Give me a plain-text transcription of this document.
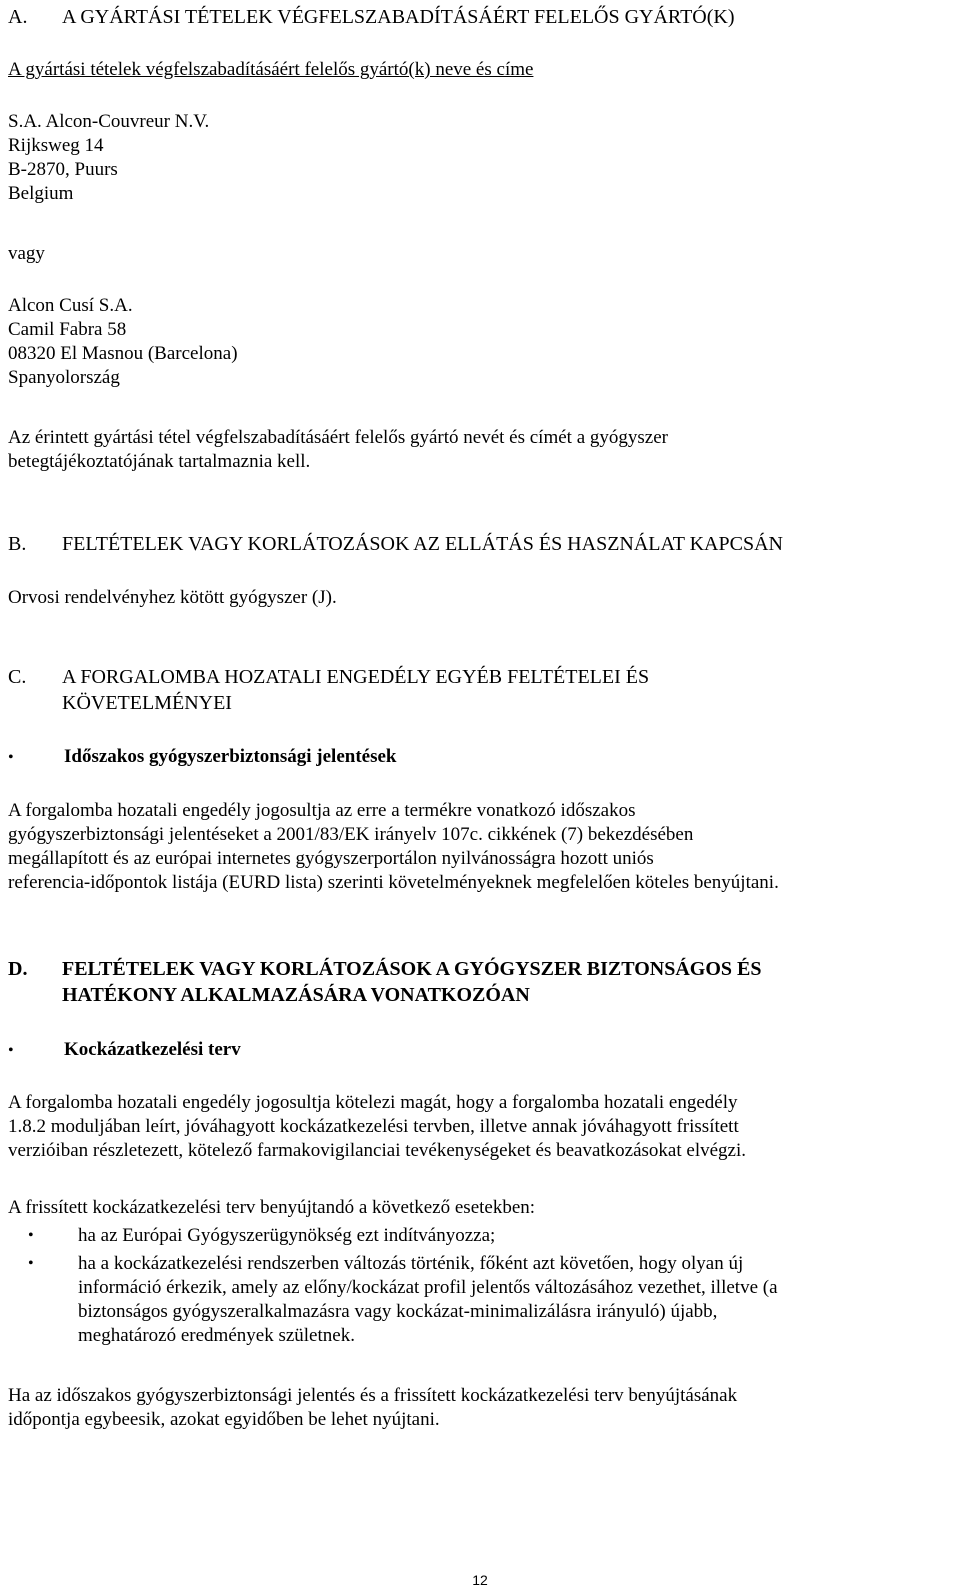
A.	A GYÁRTÁSI TÉTELEK VÉGFELSZABADÍTÁSÁÉRT FELELŐS GYÁRTÓ(K)
A gyártási tételek végfelszabadításáért felelős gyártó(k) neve és címe
S.A. Alcon-Couvreur N.V.
Rijksweg 14
B-2870, Puurs
Belgium
vagy
Alcon Cusí S.A.
Camil Fabra 58
08320 El Masnou (Barcelona)
Spanyolország
Az érintett gyártási tétel végfelszabadításáért felelős gyártó nevét és címét a gyógyszer
betegtájékoztatójának tartalmaznia kell.
B.	FELTÉTELEK VAGY KORLÁTOZÁSOK AZ ELLÁTÁS ÉS HASZNÁLAT KAPCSÁN
Orvosi rendelvényhez kötött gyógyszer (J).
C.	A FORGALOMBA HOZATALI ENGEDÉLY EGYÉB FELTÉTELEI ÉS
KÖVETELMÉNYEI
•	Időszakos gyógyszerbiztonsági jelentések
A forgalomba hozatali engedély jogosultja az erre a termékre vonatkozó időszakos
gyógyszerbiztonsági jelentéseket a 2001/83/EK irányelv 107c. cikkének (7) bekezdésében
megállapított és az európai internetes gyógyszerportálon nyilvánosságra hozott uniós
referencia-időpontok listája (EURD lista) szerinti követelményeknek megfelelően köteles benyújtani.
D.	FELTÉTELEK VAGY KORLÁTOZÁSOK A GYÓGYSZER BIZTONSÁGOS ÉS
HATÉKONY ALKALMAZÁSÁRA VONATKOZÓAN
•	Kockázatkezelési terv
A forgalomba hozatali engedély jogosultja kötelezi magát, hogy a forgalomba hozatali engedély
1.8.2 moduljában leírt, jóváhagyott kockázatkezelési tervben, illetve annak jóváhagyott frissített
verzióiban részletezett, kötelező farmakovigilanciai tevékenységeket és beavatkozásokat elvégzi.
A frissített kockázatkezelési terv benyújtandó a következő esetekben:
•	ha az Európai Gyógyszerügynökség ezt indítványozza;
•	ha a kockázatkezelési rendszerben változás történik, főként azt követően, hogy olyan új
információ érkezik, amely az előny/kockázat profil jelentős változásához vezethet, illetve (a
biztonságos gyógyszeralkalmazásra vagy kockázat-minimalizálásra irányuló) újabb,
meghatározó eredmények születnek.
Ha az időszakos gyógyszerbiztonsági jelentés és a frissített kockázatkezelési terv benyújtásának
időpontja egybeesik, azokat egyidőben be lehet nyújtani.
12
